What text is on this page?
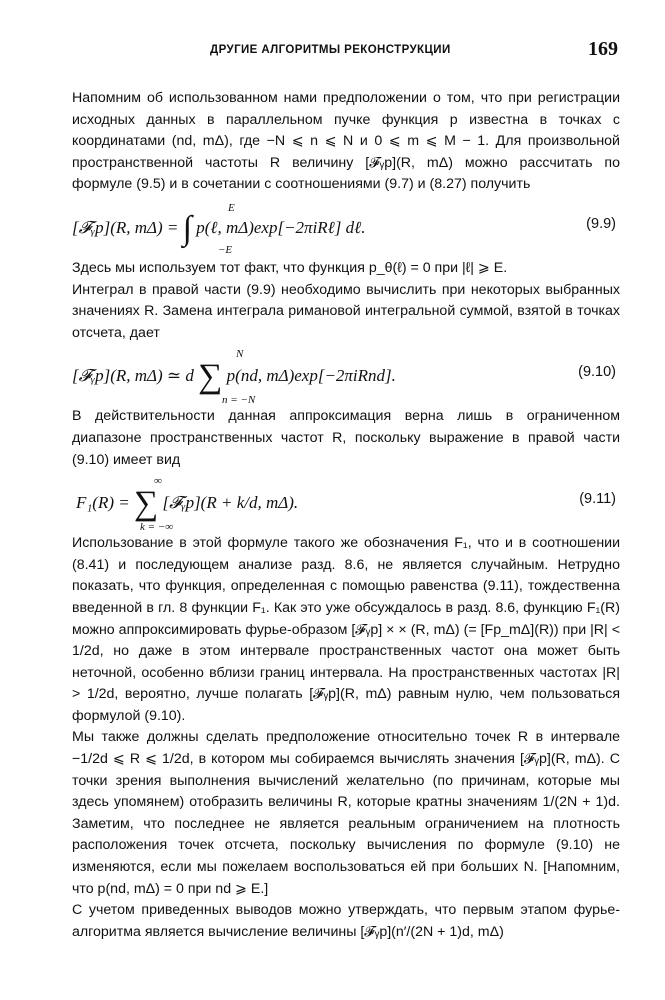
ДРУГИЕ АЛГОРИТМЫ РЕКОНСТРУКЦИИ	169

Напомним об использованном нами предположении о том, что при регистрации исходных данных в параллельном пучке функция p известна в точках с координатами (nd, mΔ), где −N ⩽ n ⩽ N и 0 ⩽ m ⩽ M − 1. Для произвольной пространственной частоты R величину [𝓕ᵧp](R, mΔ) можно рассчитать по формуле (9.5) и в сочетании с соотношениями (9.7) и (8.27) получить

[𝓕ᵧp](R, mΔ) = ∫ p(ℓ, mΔ)exp[−2πiRℓ] dℓ.
E
−E
(9.9)

Здесь мы используем тот факт, что функция p_θ(ℓ) = 0 при |ℓ| ⩾ E.

Интеграл в правой части (9.9) необходимо вычислить при некоторых выбранных значениях R. Замена интеграла римановой интегральной суммой, взятой в точках отсчета, дает

[𝓕ᵧp](R, mΔ) ≃ d ∑ p(nd, mΔ)exp[−2πiRnd].
N
n = −N
(9.10)

В действительности данная аппроксимация верна лишь в ограниченном диапазоне пространственных частот R, поскольку выражение в правой части (9.10) имеет вид

F₁(R) = ∑ [𝓕ᵧp](R + k/d, mΔ).
∞
k = −∞
(9.11)

Использование в этой формуле такого же обозначения F₁, что и в соотношении (8.41) и последующем анализе разд. 8.6, не является случайным. Нетрудно показать, что функция, определенная с помощью равенства (9.11), тождественна введенной в гл. 8 функции F₁. Как это уже обсуждалось в разд. 8.6, функцию F₁(R) можно аппроксимировать фурье-образом [𝓕ᵧp] × × (R, mΔ) (= [Fp_mΔ](R)) при |R| < 1/2d, но даже в этом интервале пространственных частот она может быть неточной, особенно вблизи границ интервала. На пространственных частотах |R| > 1/2d, вероятно, лучше полагать [𝓕ᵧp](R, mΔ) равным нулю, чем пользоваться формулой (9.10).

Мы также должны сделать предположение относительно точек R в интервале −1/2d ⩽ R ⩽ 1/2d, в котором мы собираемся вычислять значения [𝓕ᵧp](R, mΔ). С точки зрения выполнения вычислений желательно (по причинам, которые мы здесь упомянем) отобразить величины R, которые кратны значениям 1/(2N + 1)d. Заметим, что последнее не является реальным ограничением на плотность расположения точек отсчета, поскольку вычисления по формуле (9.10) не изменяются, если мы пожелаем воспользоваться ей при больших N. [Напомним, что p(nd, mΔ) = 0 при nd ⩾ E.]

С учетом приведенных выводов можно утверждать, что первым этапом фурье-алгоритма является вычисление величины [𝓕ᵧp](n′/(2N + 1)d, mΔ)
